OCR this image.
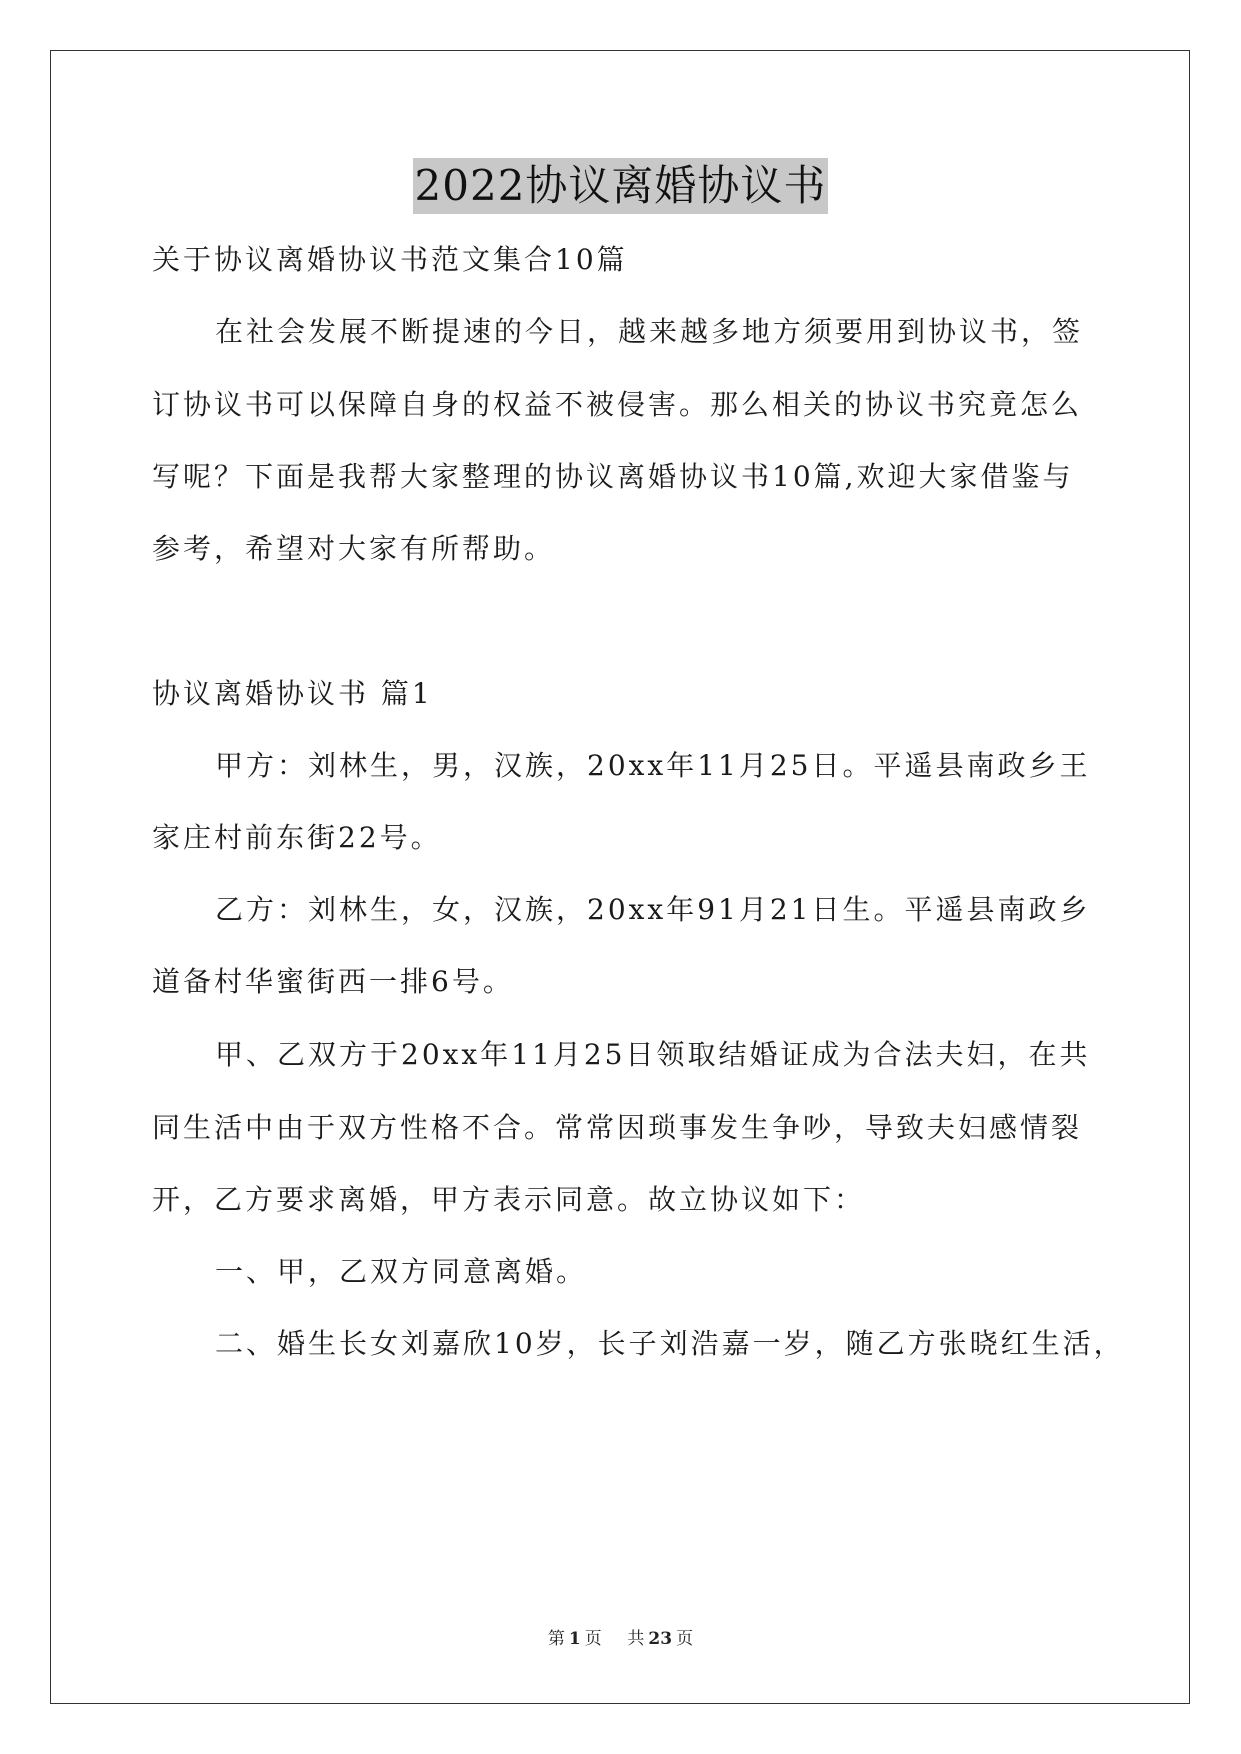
2022协议离婚协议书
关于协议离婚协议书范文集合10篇
在社会发展不断提速的今日，越来越多地方须要用到协议书，签
订协议书可以保障自身的权益不被侵害。那么相关的协议书究竟怎么
写呢？下面是我帮大家整理的协议离婚协议书10篇,欢迎大家借鉴与
参考，希望对大家有所帮助。
协议离婚协议书 篇1
甲方：刘林生，男，汉族，20xx年11月25日。平遥县南政乡王
家庄村前东街22号。
乙方：刘林生，女，汉族，20xx年91月21日生。平遥县南政乡
道备村华蜜街西一排6号。
甲、乙双方于20xx年11月25日领取结婚证成为合法夫妇，在共
同生活中由于双方性格不合。常常因琐事发生争吵，导致夫妇感情裂
开，乙方要求离婚，甲方表示同意。故立协议如下：
一、甲，乙双方同意离婚。
二、婚生长女刘嘉欣10岁，长子刘浩嘉一岁，随乙方张晓红生活，
第 1 页 共 23 页
